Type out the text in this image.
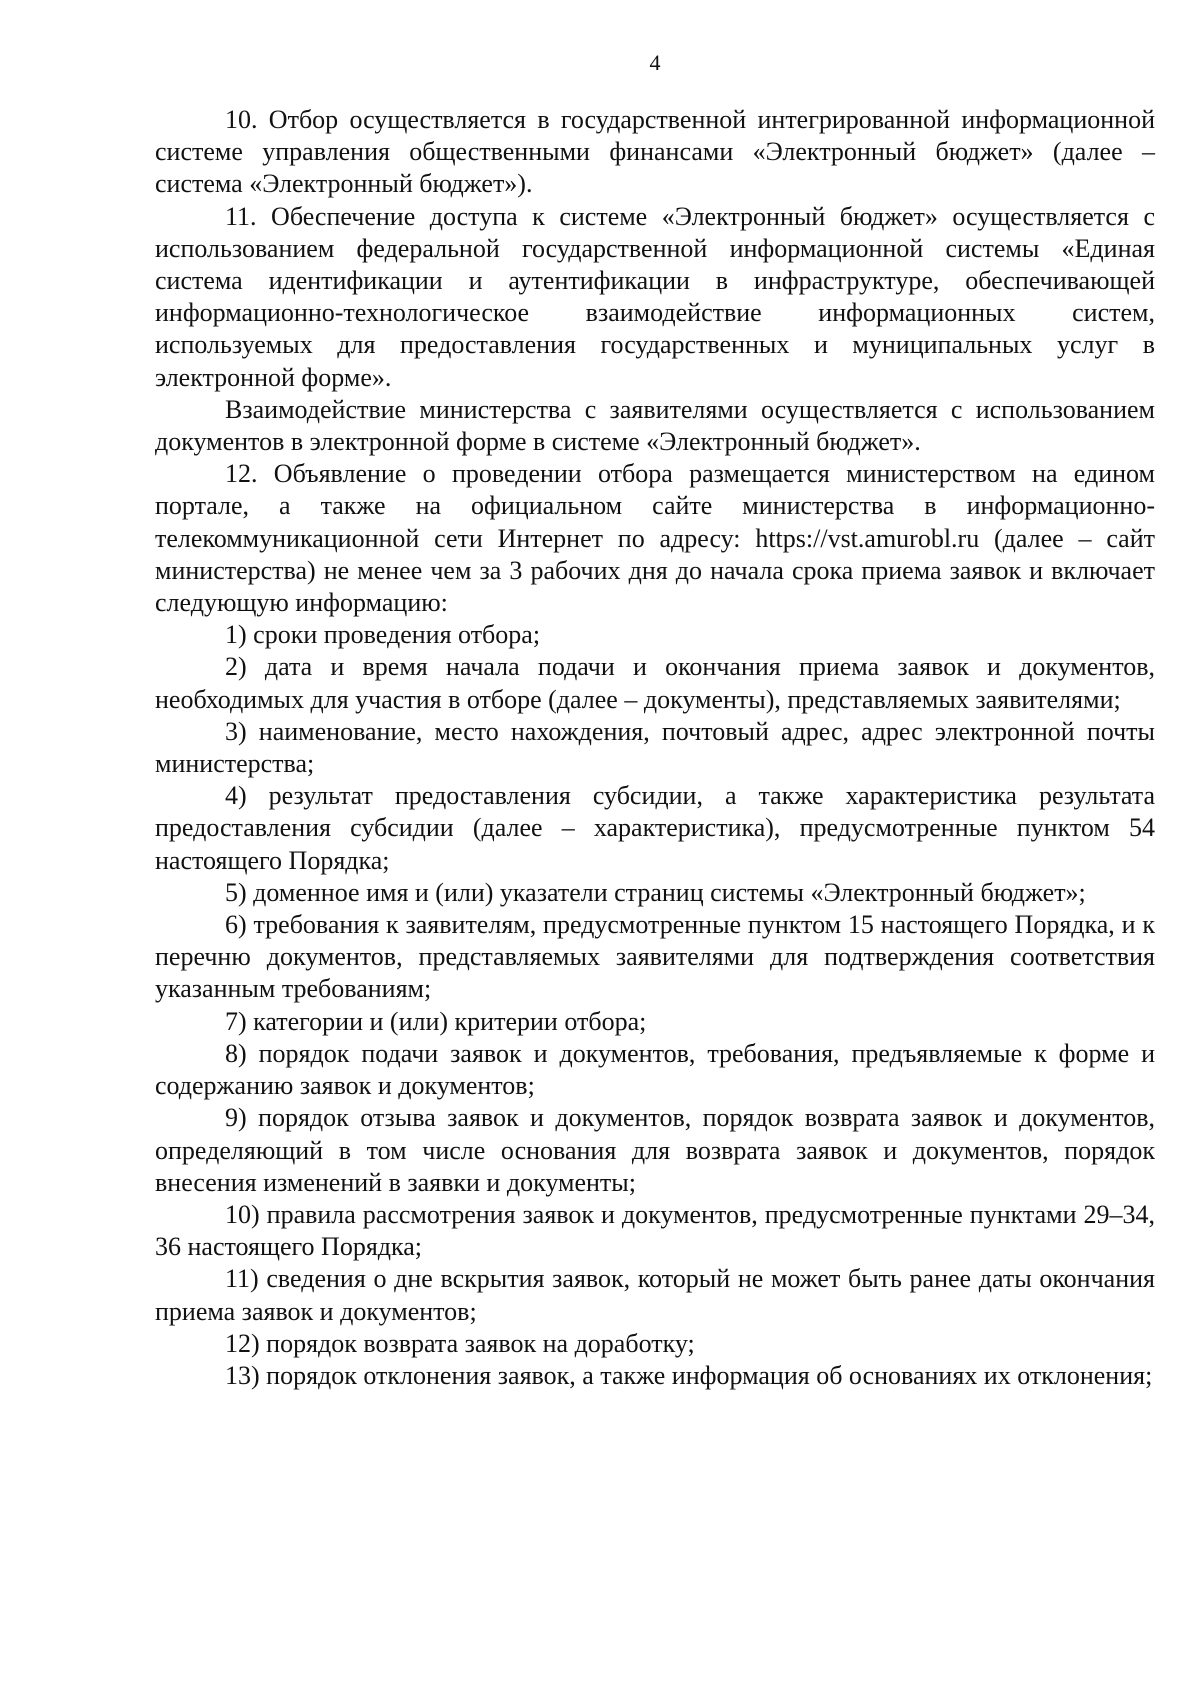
4

10. Отбор осуществляется в государственной интегрированной информационной системе управления общественными финансами «Электронный бюджет» (далее – система «Электронный бюджет»).

11. Обеспечение доступа к системе «Электронный бюджет» осуществляется с использованием федеральной государственной информационной системы «Единая система идентификации и аутентификации в инфраструктуре, обеспечивающей информационно-технологическое взаимодействие информационных систем, используемых для предоставления государственных и муниципальных услуг в электронной форме».

Взаимодействие министерства с заявителями осуществляется с использованием документов в электронной форме в системе «Электронный бюджет».

12. Объявление о проведении отбора размещается министерством на едином портале, а также на официальном сайте министерства в информационно-телекоммуникационной сети Интернет по адресу: https://vst.amurobl.ru (далее – сайт министерства) не менее чем за 3 рабочих дня до начала срока приема заявок и включает следующую информацию:

1) сроки проведения отбора;

2) дата и время начала подачи и окончания приема заявок и документов, необходимых для участия в отборе (далее – документы), представляемых заявителями;

3) наименование, место нахождения, почтовый адрес, адрес электронной почты министерства;

4) результат предоставления субсидии, а также характеристика результата предоставления субсидии (далее – характеристика), предусмотренные пунктом 54 настоящего Порядка;

5) доменное имя и (или) указатели страниц системы «Электронный бюджет»;

6) требования к заявителям, предусмотренные пунктом 15 настоящего Порядка, и к перечню документов, представляемых заявителями для подтверждения соответствия указанным требованиям;

7) категории и (или) критерии отбора;

8) порядок подачи заявок и документов, требования, предъявляемые к форме и содержанию заявок и документов;

9) порядок отзыва заявок и документов, порядок возврата заявок и документов, определяющий в том числе основания для возврата заявок и документов, порядок внесения изменений в заявки и документы;

10) правила рассмотрения заявок и документов, предусмотренные пунктами 29–34, 36 настоящего Порядка;

11) сведения о дне вскрытия заявок, который не может быть ранее даты окончания приема заявок и документов;

12) порядок возврата заявок на доработку;

13) порядок отклонения заявок, а также информация об основаниях их отклонения;
